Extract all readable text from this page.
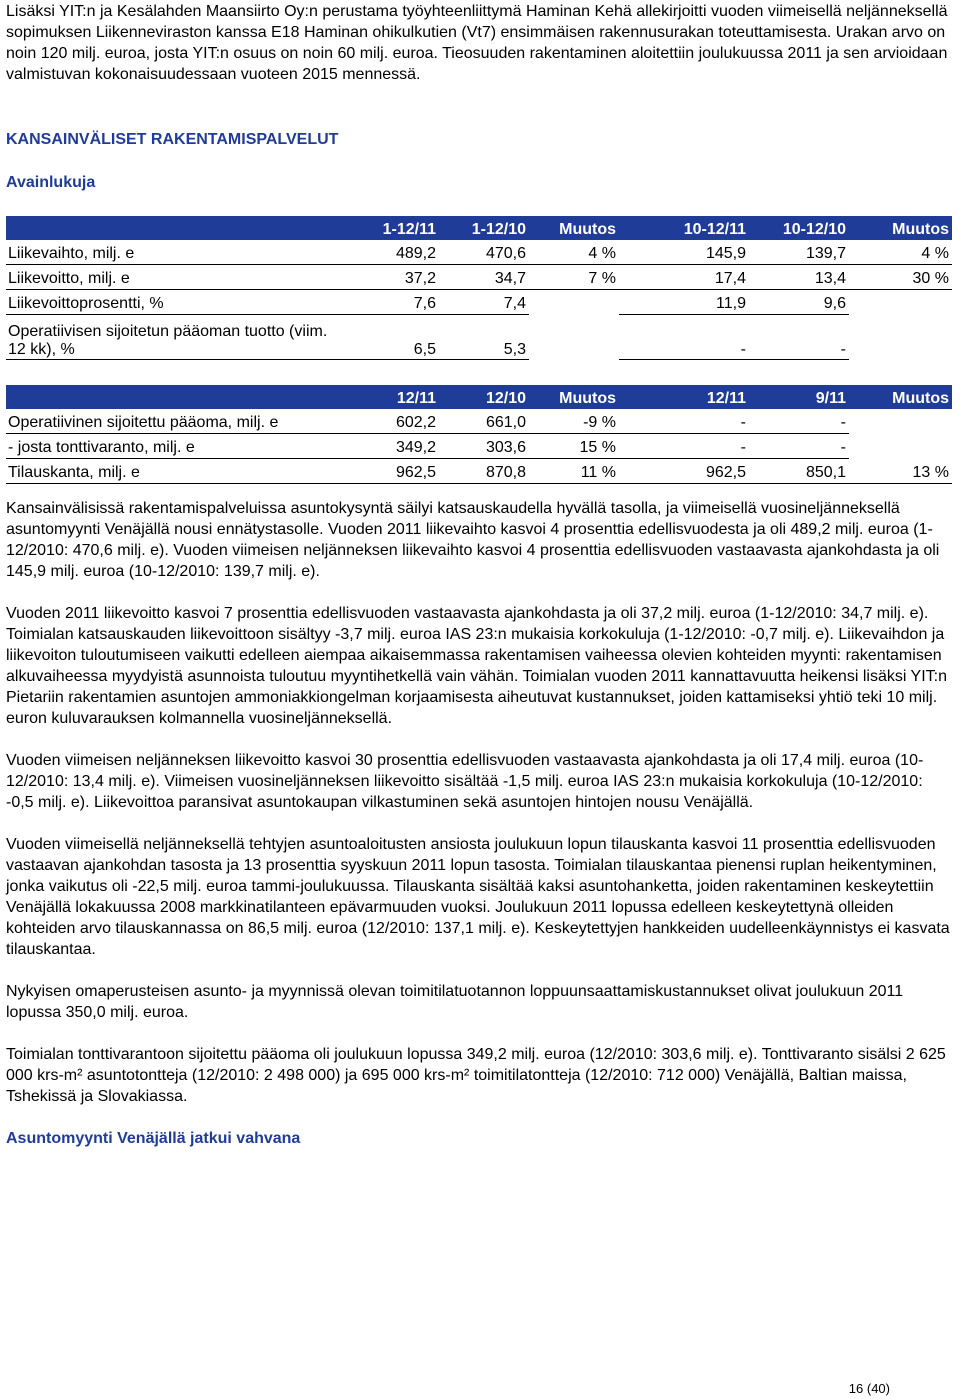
Lisäksi YIT:n ja Kesälahden Maansiirto Oy:n perustama työyhteenliittymä Haminan Kehä allekirjoitti vuoden viimeisellä neljänneksellä sopimuksen Liikenneviraston kanssa E18 Haminan ohikulkutien (Vt7) ensimmäisen rakennusurakan toteuttamisesta. Urakan arvo on noin 120 milj. euroa, josta YIT:n osuus on noin 60 milj. euroa. Tieosuuden rakentaminen aloitettiin joulukuussa 2011 ja sen arvioidaan valmistuvan kokonaisuudessaan vuoteen 2015 mennessä.

KANSAINVÄLISET RAKENTAMISPALVELUT

Avainlukuja

	1-12/11	1-12/10	Muutos	10-12/11	10-12/10	Muutos
Liikevaihto, milj. e	489,2	470,6	4 %	145,9	139,7	4 %
Liikevoitto, milj. e	37,2	34,7	7 %	17,4	13,4	30 %
Liikevoittoprosentti, %	7,6	7,4		11,9	9,6	
Operatiivisen sijoitetun pääoman tuotto (viim. 12 kk), %	6,5	5,3		-	-	
	12/11	12/10	Muutos	12/11	9/11	Muutos
Operatiivinen sijoitettu pääoma, milj. e	602,2	661,0	-9 %	-	-	
- josta tonttivaranto, milj. e	349,2	303,6	15 %	-	-	
Tilauskanta, milj. e	962,5	870,8	11 %	962,5	850,1	13 %

Kansainvälisissä rakentamispalveluissa asuntokysyntä säilyi katsauskaudella hyvällä tasolla, ja viimeisellä vuosineljänneksellä asuntomyynti Venäjällä nousi ennätystasolle. Vuoden 2011 liikevaihto kasvoi 4 prosenttia edellisvuodesta ja oli 489,2 milj. euroa (1-12/2010: 470,6 milj. e). Vuoden viimeisen neljänneksen liikevaihto kasvoi 4 prosenttia edellisvuoden vastaavasta ajankohdasta ja oli 145,9 milj. euroa (10-12/2010: 139,7 milj. e).

Vuoden 2011 liikevoitto kasvoi 7 prosenttia edellisvuoden vastaavasta ajankohdasta ja oli 37,2 milj. euroa (1-12/2010: 34,7 milj. e). Toimialan katsauskauden liikevoittoon sisältyy -3,7 milj. euroa IAS 23:n mukaisia korkokuluja (1-12/2010: -0,7 milj. e). Liikevaihdon ja liikevoiton tuloutumiseen vaikutti edelleen aiempaa aikaisemmassa rakentamisen vaiheessa olevien kohteiden myynti: rakentamisen alkuvaiheessa myydyistä asunnoista tuloutuu myyntihetkellä vain vähän. Toimialan vuoden 2011 kannattavuutta heikensi lisäksi YIT:n Pietariin rakentamien asuntojen ammoniakkiongelman korjaamisesta aiheutuvat kustannukset, joiden kattamiseksi yhtiö teki 10 milj. euron kuluvarauksen kolmannella vuosineljänneksellä.

Vuoden viimeisen neljänneksen liikevoitto kasvoi 30 prosenttia edellisvuoden vastaavasta ajankohdasta ja oli 17,4 milj. euroa (10-12/2010: 13,4 milj. e). Viimeisen vuosineljänneksen liikevoitto sisältää -1,5 milj. euroa IAS 23:n mukaisia korkokuluja (10-12/2010: -0,5 milj. e). Liikevoittoa paransivat asuntokaupan vilkastuminen sekä asuntojen hintojen nousu Venäjällä.

Vuoden viimeisellä neljänneksellä tehtyjen asuntoaloitusten ansiosta joulukuun lopun tilauskanta kasvoi 11 prosenttia edellisvuoden vastaavan ajankohdan tasosta ja 13 prosenttia syyskuun 2011 lopun tasosta. Toimialan tilauskantaa pienensi ruplan heikentyminen, jonka vaikutus oli -22,5 milj. euroa tammi-joulukuussa. Tilauskanta sisältää kaksi asuntohanketta, joiden rakentaminen keskeytettiin Venäjällä lokakuussa 2008 markkinatilanteen epävarmuuden vuoksi. Joulukuun 2011 lopussa edelleen keskeytettynä olleiden kohteiden arvo tilauskannassa on 86,5 milj. euroa (12/2010: 137,1 milj. e). Keskeytettyjen hankkeiden uudelleenkäynnistys ei kasvata tilauskantaa.

Nykyisen omaperusteisen asunto- ja myynnissä olevan toimitilatuotannon loppuunsaattamiskustannukset olivat joulukuun 2011 lopussa 350,0 milj. euroa.

Toimialan tonttivarantoon sijoitettu pääoma oli joulukuun lopussa 349,2 milj. euroa (12/2010: 303,6 milj. e). Tonttivaranto sisälsi 2 625 000 krs-m² asuntotontteja (12/2010: 2 498 000) ja 695 000 krs-m² toimitilatontteja (12/2010: 712 000) Venäjällä, Baltian maissa, Tshekissä ja Slovakiassa.

Asuntomyynti Venäjällä jatkui vahvana

16 (40)
